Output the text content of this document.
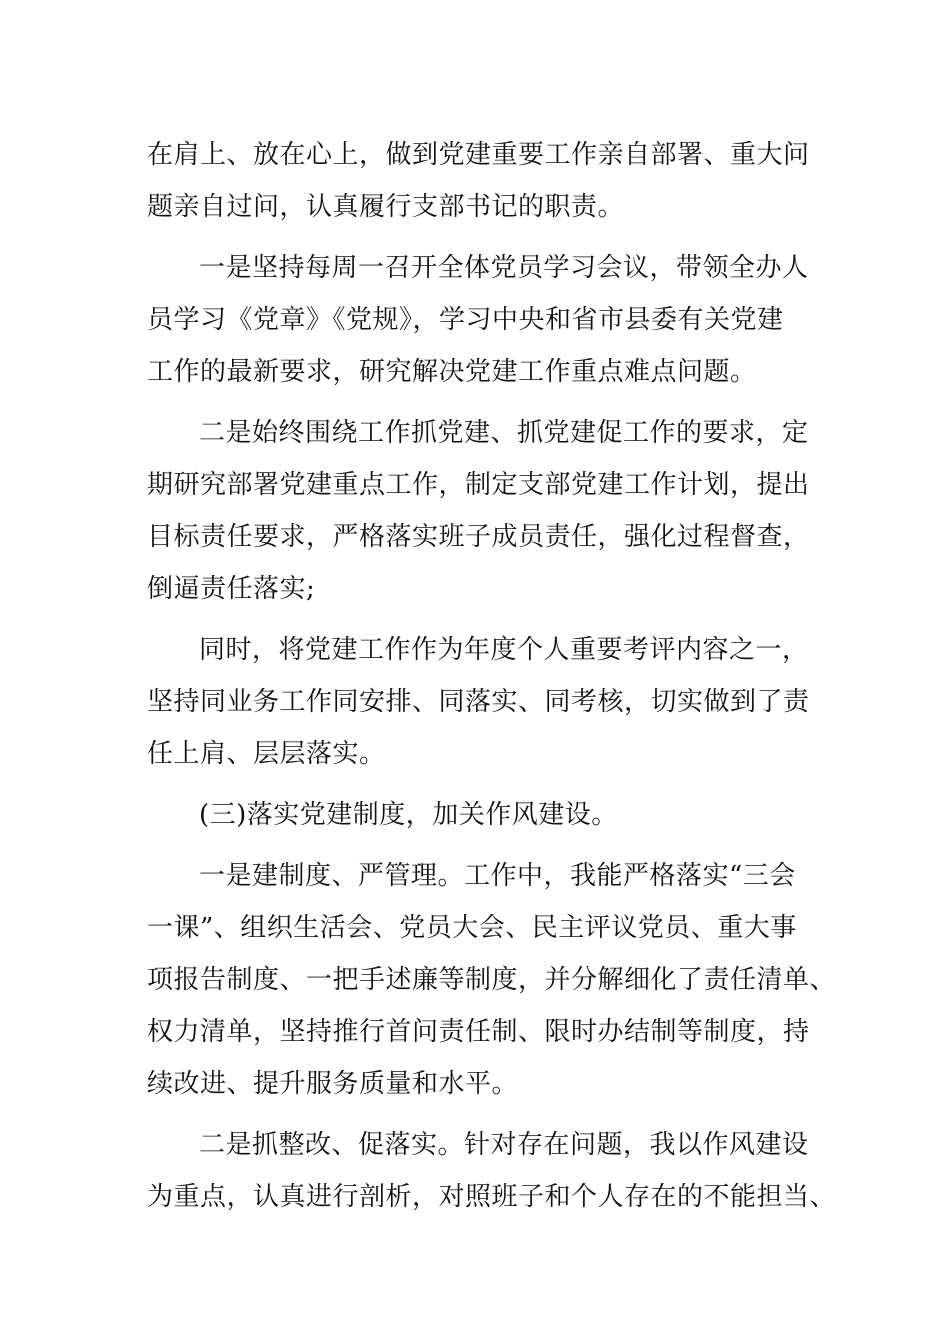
在肩上、放在心上，做到党建重要工作亲自部署、重大问
题亲自过问，认真履行支部书记的职责。
一是坚持每周一召开全体党员学习会议，带领全办人
员学习《党章》《党规》，学习中央和省市县委有关党建
工作的最新要求，研究解决党建工作重点难点问题。
二是始终围绕工作抓党建、抓党建促工作的要求，定
期研究部署党建重点工作，制定支部党建工作计划，提出
目标责任要求，严格落实班子成员责任，强化过程督查，
倒逼责任落实;
同时，将党建工作作为年度个人重要考评内容之一，
坚持同业务工作同安排、同落实、同考核，切实做到了责
任上肩、层层落实。
(三)落实党建制度，加关作风建设。
一是建制度、严管理。工作中，我能严格落实“三会
一课”、组织生活会、党员大会、民主评议党员、重大事
项报告制度、一把手述廉等制度，并分解细化了责任清单、
权力清单，坚持推行首问责任制、限时办结制等制度，持
续改进、提升服务质量和水平。
二是抓整改、促落实。针对存在问题，我以作风建设
为重点，认真进行剖析，对照班子和个人存在的不能担当、
